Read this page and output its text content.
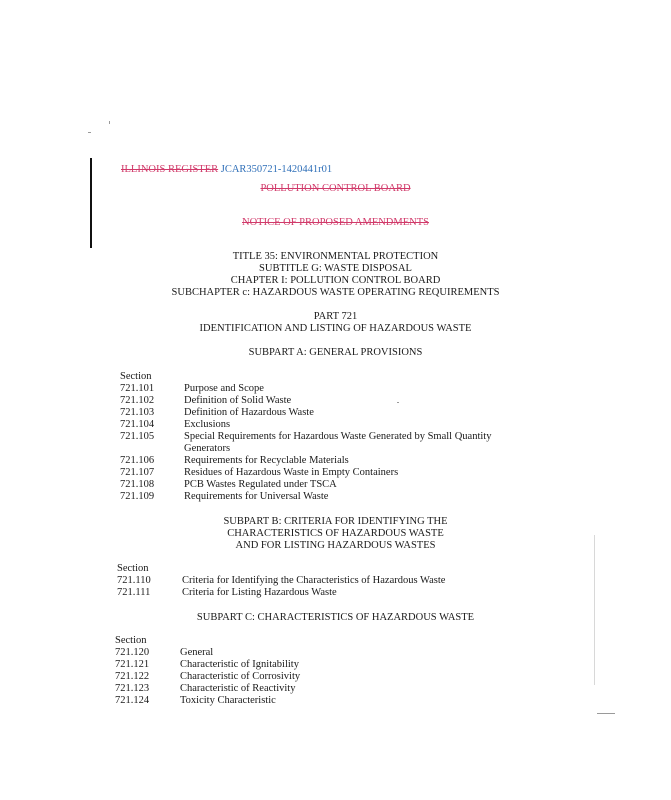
ILLINOIS REGISTER JCAR350721-1420441r01
POLLUTION CONTROL BOARD
NOTICE OF PROPOSED AMENDMENTS
TITLE 35: ENVIRONMENTAL PROTECTION
SUBTITLE G: WASTE DISPOSAL
CHAPTER I: POLLUTION CONTROL BOARD
SUBCHAPTER c: HAZARDOUS WASTE OPERATING REQUIREMENTS
PART 721
IDENTIFICATION AND LISTING OF HAZARDOUS WASTE
SUBPART A: GENERAL PROVISIONS
Section
721.101	Purpose and Scope
721.102	Definition of Solid Waste
721.103	Definition of Hazardous Waste
721.104	Exclusions
721.105	Special Requirements for Hazardous Waste Generated by Small Quantity
Generators
721.106	Requirements for Recyclable Materials
721.107	Residues of Hazardous Waste in Empty Containers
721.108	PCB Wastes Regulated under TSCA
721.109	Requirements for Universal Waste
SUBPART B: CRITERIA FOR IDENTIFYING THE
CHARACTERISTICS OF HAZARDOUS WASTE
AND FOR LISTING HAZARDOUS WASTES
Section
721.110	Criteria for Identifying the Characteristics of Hazardous Waste
721.111	Criteria for Listing Hazardous Waste
SUBPART C: CHARACTERISTICS OF HAZARDOUS WASTE
Section
721.120	General
721.121	Characteristic of Ignitability
721.122	Characteristic of Corrosivity
721.123	Characteristic of Reactivity
721.124	Toxicity Characteristic
